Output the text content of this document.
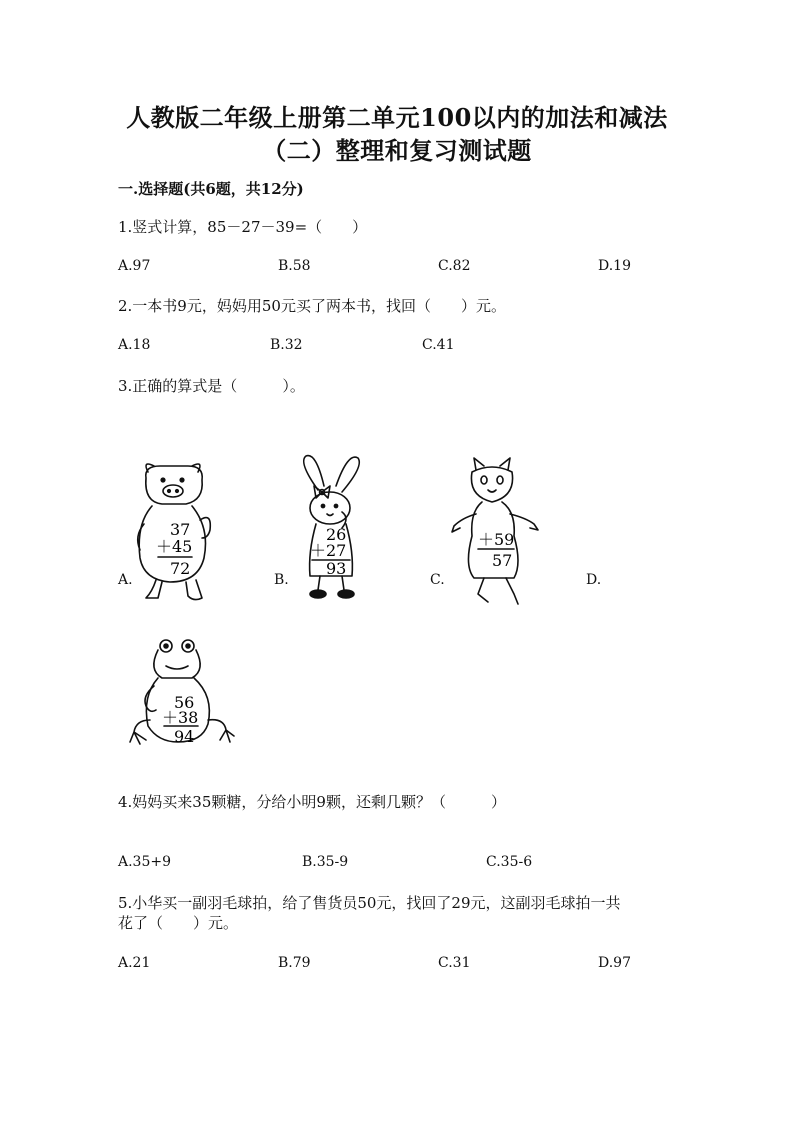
人教版二年级上册第二单元100以内的加法和减法
（二）整理和复习测试题
一.选择题(共6题，共12分)
1.竖式计算，85－27－39=（　　）
A.97	B.58	C.82	D.19
2.一本书9元，妈妈用50元买了两本书，找回（　　）元。
A.18	B.32	C.41
3.正确的算式是（　　　）。
A.
37
＋45
72
B.
26
＋27
93
C.
＋59
57
D.
56
＋38
94
4.妈妈买来35颗糖，分给小明9颗，还剩几颗？（　　　）
A.35+9	B.35-9	C.35-6
5.小华买一副羽毛球拍，给了售货员50元，找回了29元，这副羽毛球拍一共
花了（　　）元。
A.21	B.79	C.31	D.97
